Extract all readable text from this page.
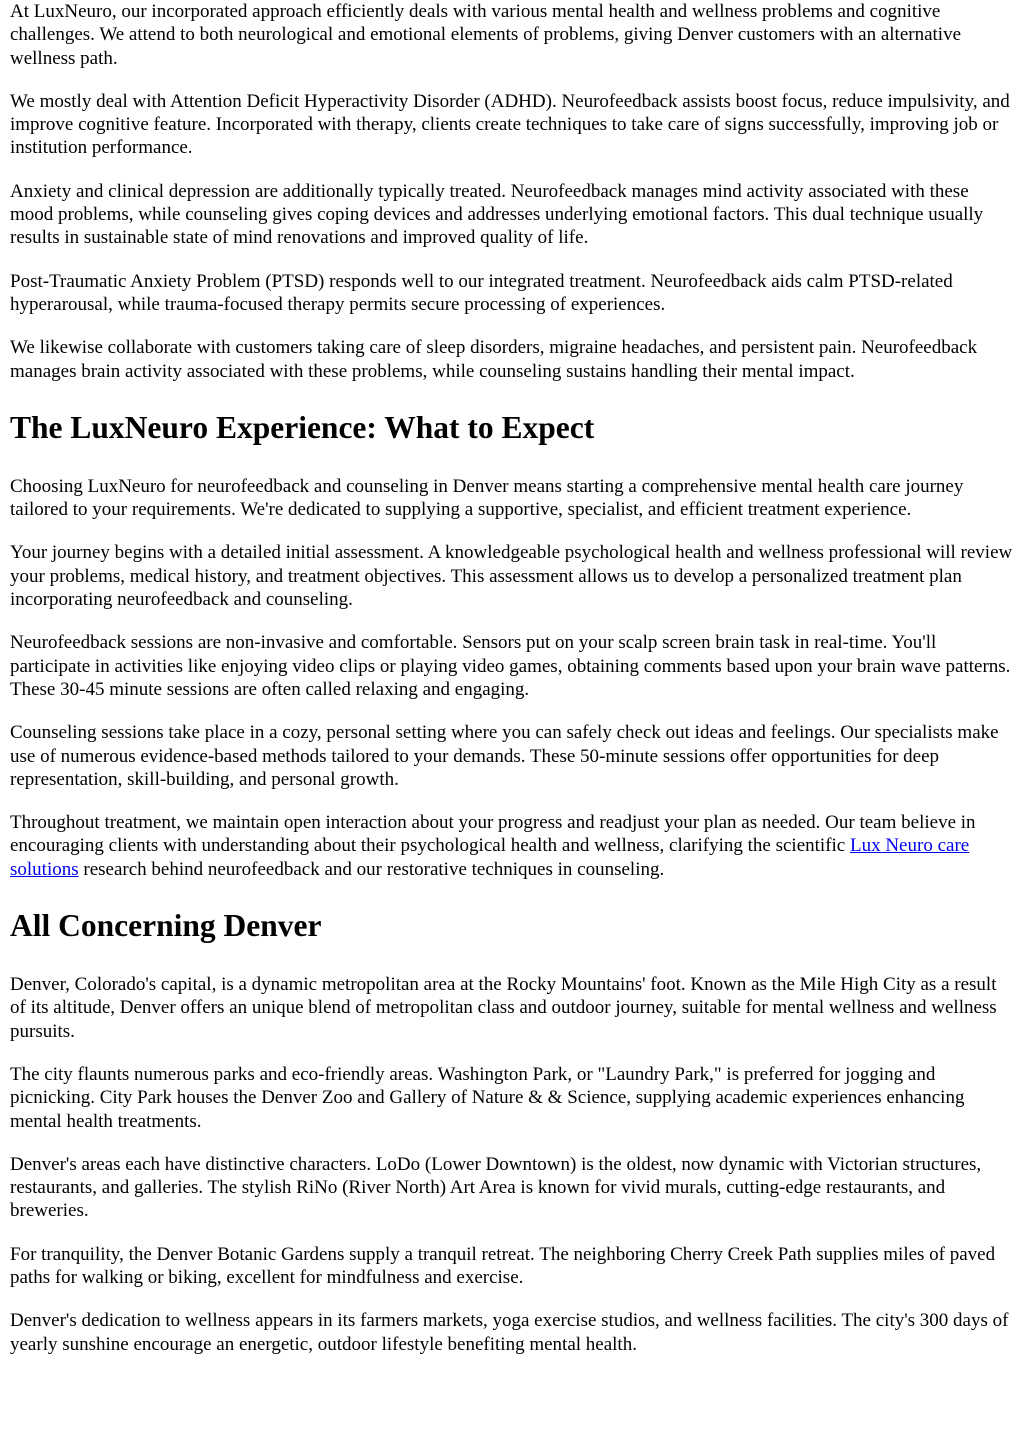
At LuxNeuro, our incorporated approach efficiently deals with various mental health and wellness problems and cognitive challenges. We attend to both neurological and emotional elements of problems, giving Denver customers with an alternative wellness path.

We mostly deal with Attention Deficit Hyperactivity Disorder (ADHD). Neurofeedback assists boost focus, reduce impulsivity, and improve cognitive feature. Incorporated with therapy, clients create techniques to take care of signs successfully, improving job or institution performance.

Anxiety and clinical depression are additionally typically treated. Neurofeedback manages mind activity associated with these mood problems, while counseling gives coping devices and addresses underlying emotional factors. This dual technique usually results in sustainable state of mind renovations and improved quality of life.

Post-Traumatic Anxiety Problem (PTSD) responds well to our integrated treatment. Neurofeedback aids calm PTSD-related hyperarousal, while trauma-focused therapy permits secure processing of experiences.

We likewise collaborate with customers taking care of sleep disorders, migraine headaches, and persistent pain. Neurofeedback manages brain activity associated with these problems, while counseling sustains handling their mental impact.

The LuxNeuro Experience: What to Expect

Choosing LuxNeuro for neurofeedback and counseling in Denver means starting a comprehensive mental health care journey tailored to your requirements. We're dedicated to supplying a supportive, specialist, and efficient treatment experience.

Your journey begins with a detailed initial assessment. A knowledgeable psychological health and wellness professional will review your problems, medical history, and treatment objectives. This assessment allows us to develop a personalized treatment plan incorporating neurofeedback and counseling.

Neurofeedback sessions are non-invasive and comfortable. Sensors put on your scalp screen brain task in real-time. You'll participate in activities like enjoying video clips or playing video games, obtaining comments based upon your brain wave patterns. These 30-45 minute sessions are often called relaxing and engaging.

Counseling sessions take place in a cozy, personal setting where you can safely check out ideas and feelings. Our specialists make use of numerous evidence-based methods tailored to your demands. These 50-minute sessions offer opportunities for deep representation, skill-building, and personal growth.

Throughout treatment, we maintain open interaction about your progress and readjust your plan as needed. Our team believe in encouraging clients with understanding about their psychological health and wellness, clarifying the scientific Lux Neuro care solutions research behind neurofeedback and our restorative techniques in counseling.

All Concerning Denver

Denver, Colorado's capital, is a dynamic metropolitan area at the Rocky Mountains' foot. Known as the Mile High City as a result of its altitude, Denver offers an unique blend of metropolitan class and outdoor journey, suitable for mental wellness and wellness pursuits.

The city flaunts numerous parks and eco-friendly areas. Washington Park, or "Laundry Park," is preferred for jogging and picnicking. City Park houses the Denver Zoo and Gallery of Nature & & Science, supplying academic experiences enhancing mental health treatments.

Denver's areas each have distinctive characters. LoDo (Lower Downtown) is the oldest, now dynamic with Victorian structures, restaurants, and galleries. The stylish RiNo (River North) Art Area is known for vivid murals, cutting-edge restaurants, and breweries.

For tranquility, the Denver Botanic Gardens supply a tranquil retreat. The neighboring Cherry Creek Path supplies miles of paved paths for walking or biking, excellent for mindfulness and exercise.

Denver's dedication to wellness appears in its farmers markets, yoga exercise studios, and wellness facilities. The city's 300 days of yearly sunshine encourage an energetic, outdoor lifestyle benefiting mental health.
